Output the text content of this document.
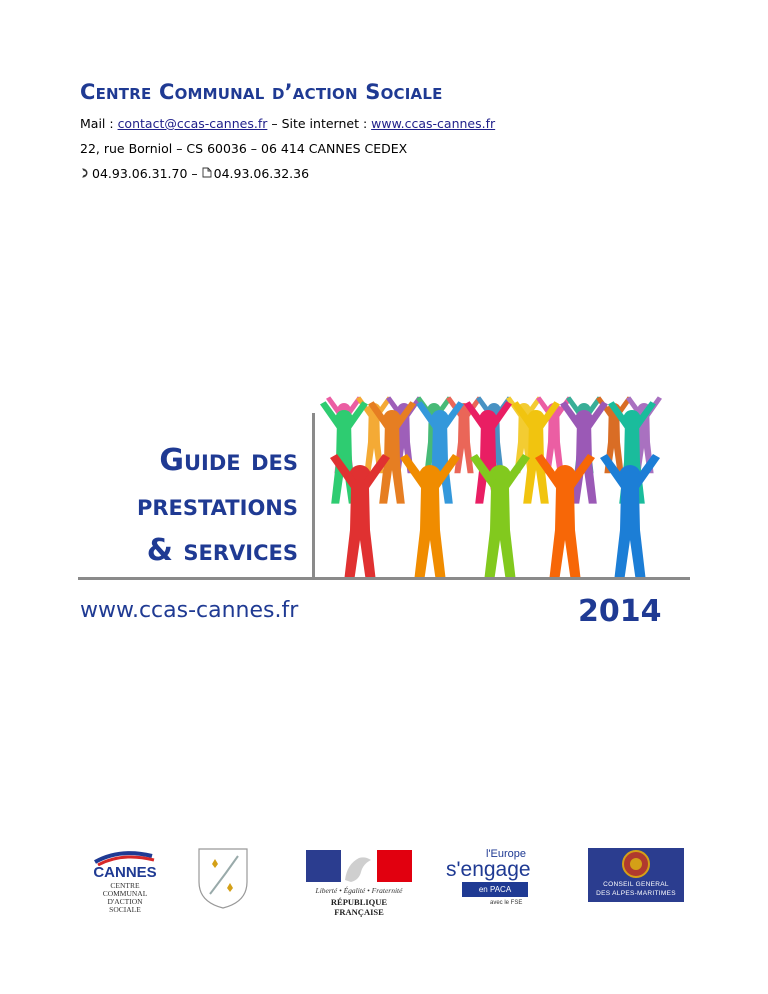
Centre Communal d’action Sociale
Mail : contact@ccas-cannes.fr – Site internet : www.ccas-cannes.fr
22, rue Borniol – CS 60036 – 06 414 CANNES CEDEX
04.93.06.31.70 – 04.93.06.32.36
Guide des
prestations
& services
www.ccas-cannes.fr	2014
CANNES
CENTRE COMMUNAL
D'ACTION SOCIALE
Liberté • Égalité • Fraternité
RÉPUBLIQUE FRANÇAISE
l'Europe
s'engage
en PACA
avec le FSE
CONSEIL GENERAL
DES ALPES-MARITIMES
